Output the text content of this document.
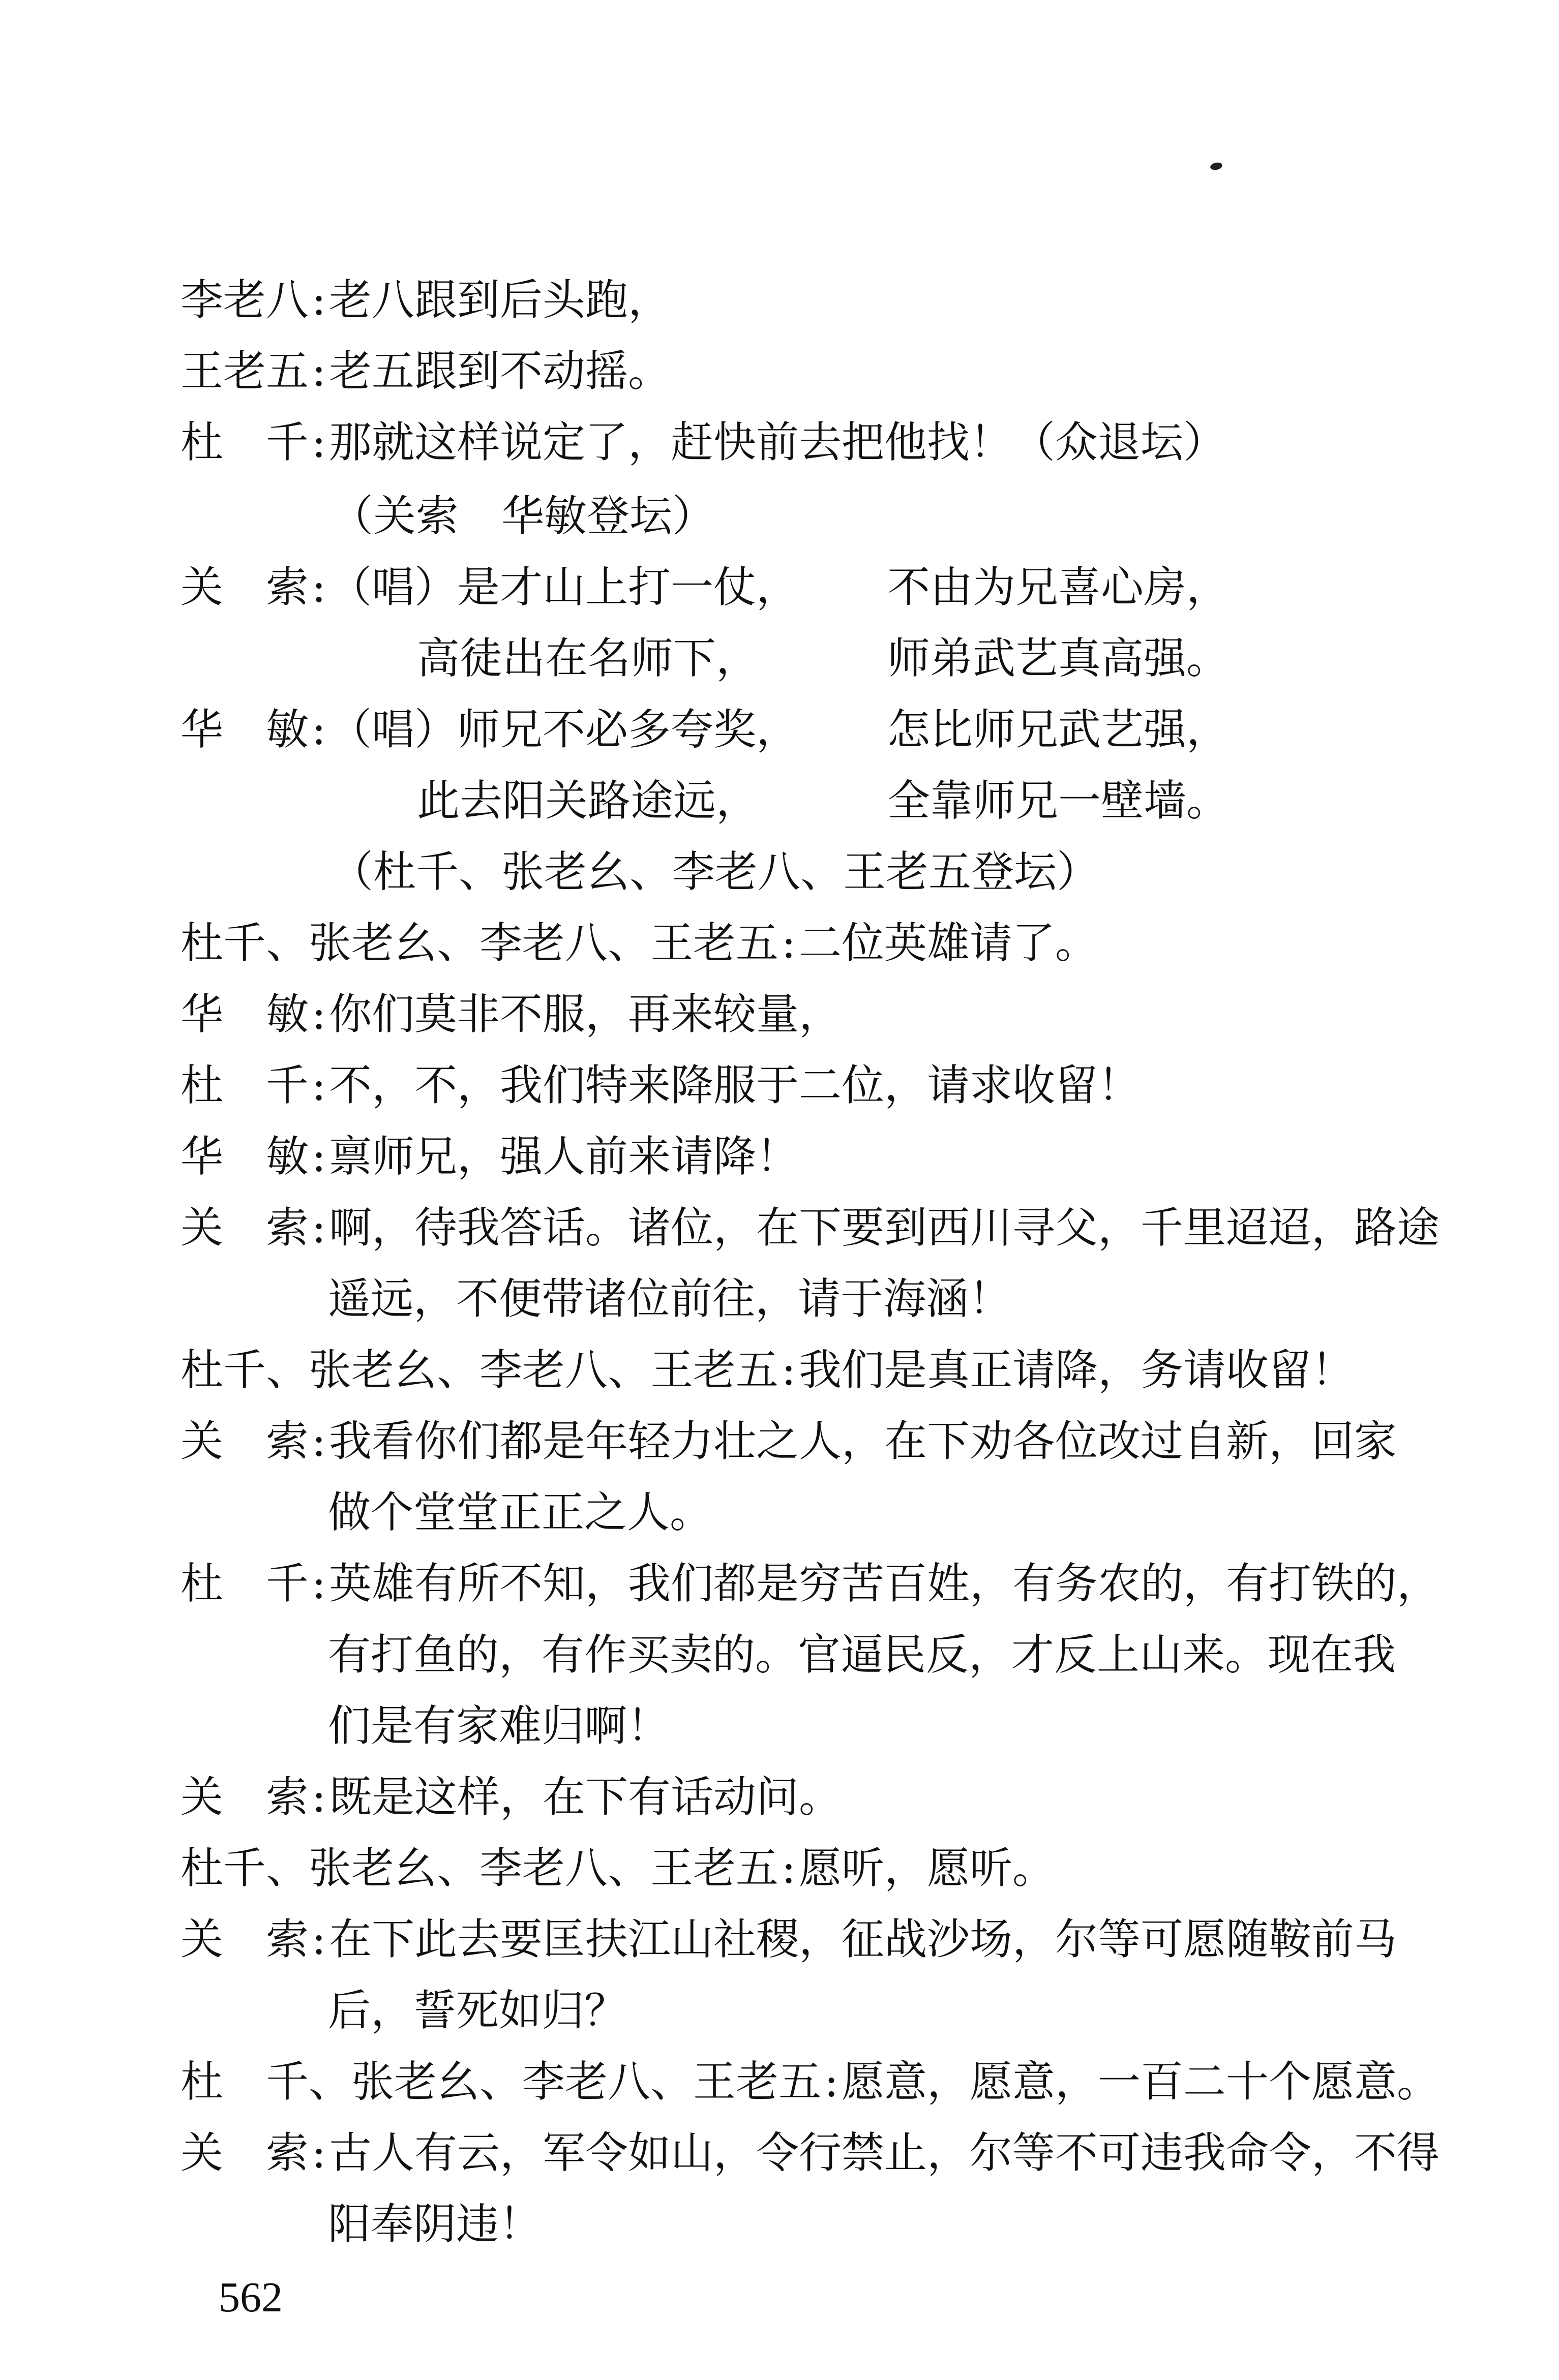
李老八:老八跟到后头跑，
王老五:老五跟到不动摇。
杜　千:那就这样说定了，赶快前去把他找！（众退坛）
（关索　华敏登坛）
关　索:（唱）是才山上打一仗， 不由为兄喜心房，
高徒出在名师下，	师弟武艺真高强。
华　敏:（唱）师兄不必多夸奖， 怎比师兄武艺强，
此去阳关路途远，	全靠师兄一壁墙。
（杜千、张老幺、李老八、王老五登坛）
杜千、张老幺、李老八、王老五:二位英雄请了。
华　敏:你们莫非不服，再来较量，
杜　千:不，不，我们特来降服于二位，请求收留！
华　敏:禀师兄，强人前来请降！
关　索:啊，待我答话。诸位，在下要到西川寻父，千里迢迢，路途
遥远，不便带诸位前往，请于海涵！
杜千、张老幺、李老八、王老五:我们是真正请降，务请收留！
关　索:我看你们都是年轻力壮之人，在下劝各位改过自新，回家
做个堂堂正正之人。
杜　千:英雄有所不知，我们都是穷苦百姓，有务农的，有打铁的，
有打鱼的，有作买卖的。官逼民反，才反上山来。现在我
们是有家难归啊！
关　索:既是这样，在下有话动问。
杜千、张老幺、李老八、王老五:愿听，愿听。
关　索:在下此去要匡扶江山社稷，征战沙场，尔等可愿随鞍前马
后，誓死如归？
杜　千、张老幺、李老八、王老五:愿意，愿意，一百二十个愿意。
关　索:古人有云，军令如山，令行禁止，尔等不可违我命令，不得
阳奉阴违！
562
